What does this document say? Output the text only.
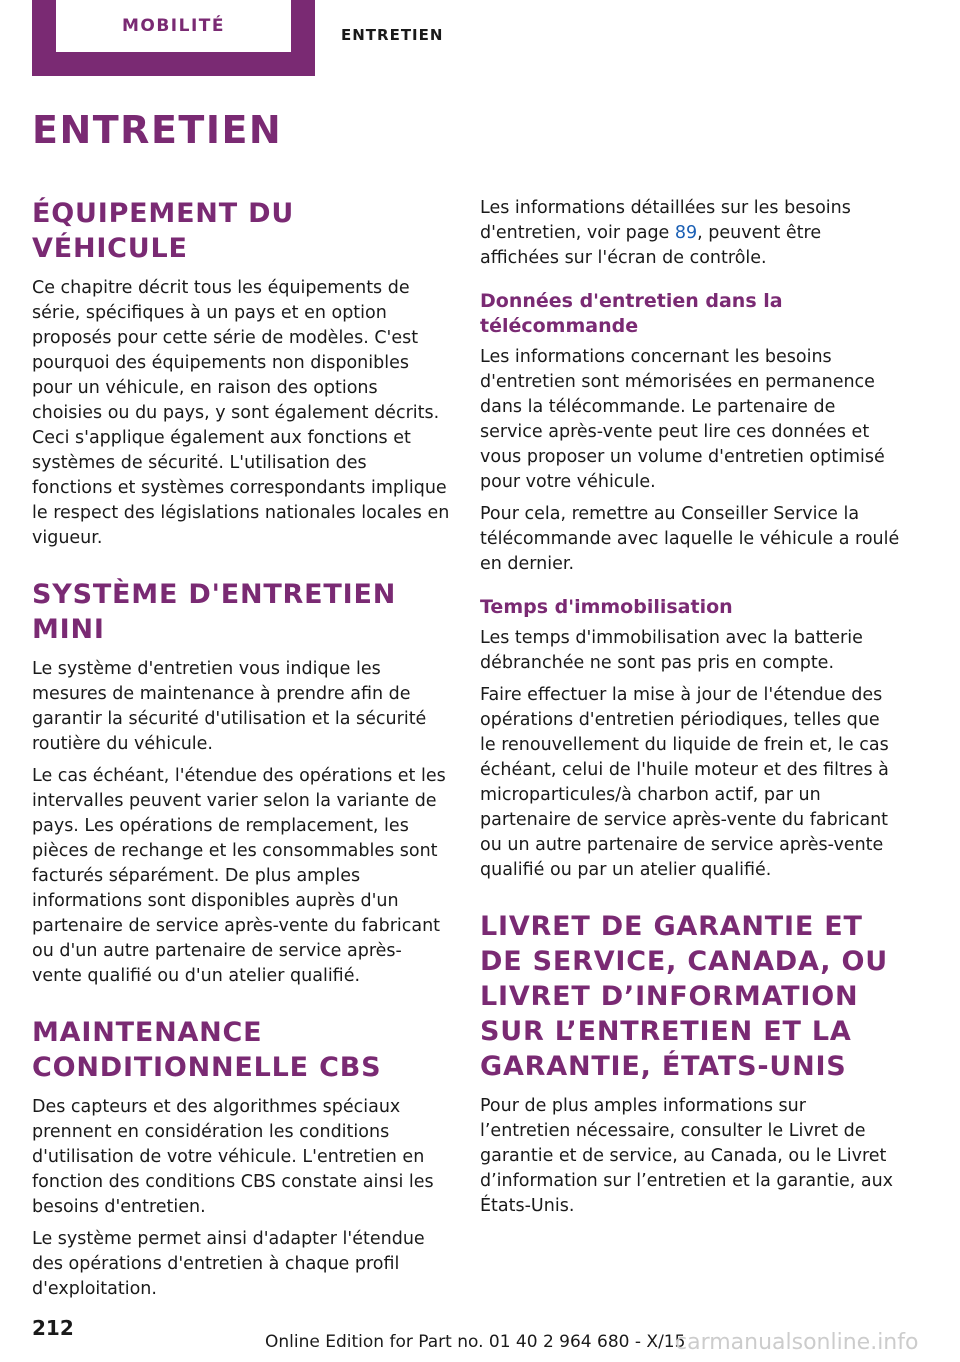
MOBILITÉ	ENTRETIEN
ENTRETIEN
ÉQUIPEMENT DU VÉHICULE

Ce chapitre décrit tous les équipements de série, spécifiques à un pays et en option proposés pour cette série de modèles. C'est pourquoi des équipements non disponibles pour un véhicule, en raison des options choisies ou du pays, y sont également décrits. Ceci s'applique également aux fonctions et systèmes de sécurité. L'utilisation des fonctions et systèmes correspondants implique le respect des législations nationales locales en vigueur.

SYSTÈME D'ENTRETIEN MINI

Le système d'entretien vous indique les mesures de maintenance à prendre afin de garantir la sécurité d'utilisation et la sécurité routière du véhicule.

Le cas échéant, l'étendue des opérations et les intervalles peuvent varier selon la variante de pays. Les opérations de remplacement, les pièces de rechange et les consommables sont facturés séparément. De plus amples informations sont disponibles auprès d'un partenaire de service après-vente du fabricant ou d'un autre partenaire de service après-vente qualifié ou d'un atelier qualifié.

MAINTENANCE CONDITIONNELLE CBS

Des capteurs et des algorithmes spéciaux prennent en considération les conditions d'utilisation de votre véhicule. L'entretien en fonction des conditions CBS constate ainsi les besoins d'entretien.

Le système permet ainsi d'adapter l'étendue des opérations d'entretien à chaque profil d'exploitation.

Les informations détaillées sur les besoins d'entretien, voir page 89, peuvent être affichées sur l'écran de contrôle.

Données d'entretien dans la télécommande

Les informations concernant les besoins d'entretien sont mémorisées en permanence dans la télécommande. Le partenaire de service après-vente peut lire ces données et vous proposer un volume d'entretien optimisé pour votre véhicule.

Pour cela, remettre au Conseiller Service la télécommande avec laquelle le véhicule a roulé en dernier.

Temps d'immobilisation

Les temps d'immobilisation avec la batterie débranchée ne sont pas pris en compte.

Faire effectuer la mise à jour de l'étendue des opérations d'entretien périodiques, telles que le renouvellement du liquide de frein et, le cas échéant, celui de l'huile moteur et des filtres à microparticules/à charbon actif, par un partenaire de service après-vente du fabricant ou un autre partenaire de service après-vente qualifié ou par un atelier qualifié.

LIVRET DE GARANTIE ET DE SERVICE, CANADA, OU LIVRET D’INFORMATION SUR L’ENTRETIEN ET LA GARANTIE, ÉTATS-UNIS

Pour de plus amples informations sur l’entretien nécessaire, consulter le Livret de garantie et de service, au Canada, ou le Livret d’information sur l’entretien et la garantie, aux États-Unis.

212
Online Edition for Part no. 01 40 2 964 680 - X/15
carmanualsonline.info
